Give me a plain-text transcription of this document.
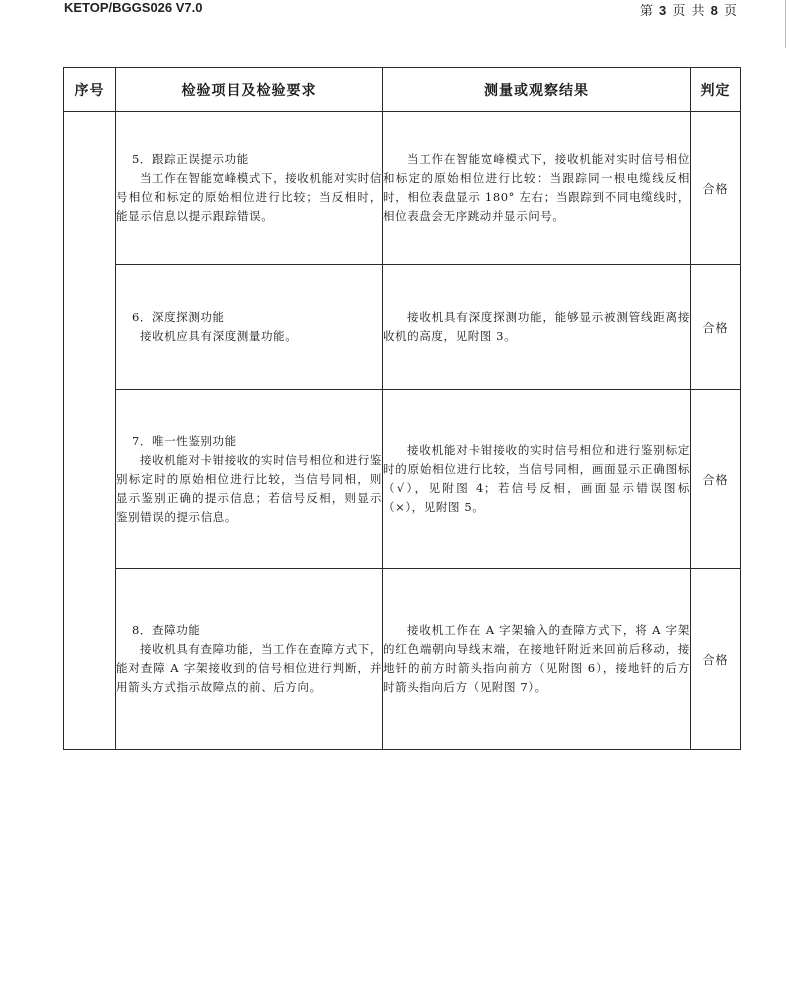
KETOP/BGGS026 V7.0	第 3 页 共 8 页
序号	检验项目及检验要求	测量或观察结果	判定

	5．跟踪正误提示功能
当工作在智能宽峰模式下，接收机能对实时信号相位和标定的原始相位进行比较；当反相时，能显示信息以提示跟踪错误。	当工作在智能宽峰模式下，接收机能对实时信号相位和标定的原始相位进行比较：当跟踪同一根电缆线反相时，相位表盘显示 180° 左右；当跟踪到不同电缆线时，相位表盘会无序跳动并显示问号。	合格

	6．深度探测功能
接收机应具有深度测量功能。	接收机具有深度探测功能，能够显示被测管线距离接收机的高度，见附图 3。	合格

	7．唯一性鉴别功能
接收机能对卡钳接收的实时信号相位和进行鉴别标定时的原始相位进行比较，当信号同相，则显示鉴别正确的提示信息；若信号反相，则显示鉴别错误的提示信息。	接收机能对卡钳接收的实时信号相位和进行鉴别标定时的原始相位进行比较，当信号同相，画面显示正确图标（√），见附图 4；若信号反相，画面显示错误图标（×），见附图 5。	合格

	8．查障功能
接收机具有查障功能，当工作在查障方式下，能对查障 A 字架接收到的信号相位进行判断，并用箭头方式指示故障点的前、后方向。	接收机工作在 A 字架输入的查障方式下，将 A 字架的红色端朝向导线末端，在接地钎附近来回前后移动，接地钎的前方时箭头指向前方（见附图 6），接地钎的后方时箭头指向后方（见附图 7）。	合格
